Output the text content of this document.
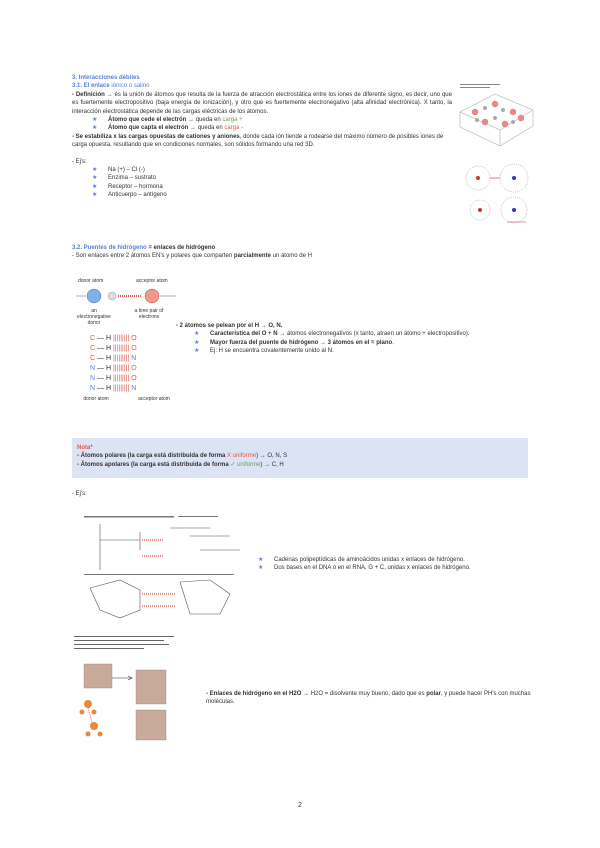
3. Interacciones débiles
3.1. El enlace iónico o salino
- Definición → és la unión de átomos que resulta de la fuerza de atracción electrostática entre los iones de diferente signo, es decir, uno que es fuertemente electropositivo (baja energía de ionización), y otro que es fuertemente electronegativo (alta afinidad electrónica). X tanto, la interacción electrostática depende de las cargas eléctricas de los átomos.
★ Átomo que cede el electrón → queda en carga +
★ Átomo que capta el electrón → queda en carga -
- Se estabiliza x las cargas opuestas de cationes y aniones, donde cada ión tiende a rodearse del máximo número de posibles iones de carga opuesta, resultando que en condiciones normales, son sólidos formando una red 3D.
- Ej's:
★ Na (+) – Cl (-)
★ Enzima – sustrato
★ Receptor – hormona
★ Anticuerpo – antígeno
3.2. Puentes de hidrógeno = enlaces de hidrógeno
- Son enlaces entre 2 átomos EN's y polares que comparten parcialmente un átomo de H
donor atom	acceptor atom
an electronegative donor
a lone pair of electrons
C — H ||||||||| O
C — H ||||||||| O
C — H ||||||||| N
N — H ||||||||| O
N — H ||||||||| O
N — H ||||||||| N
donor atom	acceptor atom
- 2 átomos se pelean por el H → O, N.
★ Característica del O + N → átomos electronegativos (x tanto, atraen un átomo + electropositivo).
★ Mayor fuerza del puente de hidrógeno → 3 átomos en el = plano.
★ Ej: H se encuentra covalentemente unido al N.
Nota*
- Átomos polares (la carga está distribuida de forma X uniforme) → O, N, S
- Átomos apolares (la carga está distribuida de forma ✓ uniforme) → C, H
- Ej's:
★ Cadenas polipeptídicas de aminoácidos unidas x enlaces de hidrógeno.
★ Dos bases en el DNA o en el RNA, G + C, unidas x enlaces de hidrógeno.
- Enlaces de hidrógeno en el H2O → H2O = disolvente muy bueno, dado que es polar, y puede hacer PH's con muchas moléculas.
2
